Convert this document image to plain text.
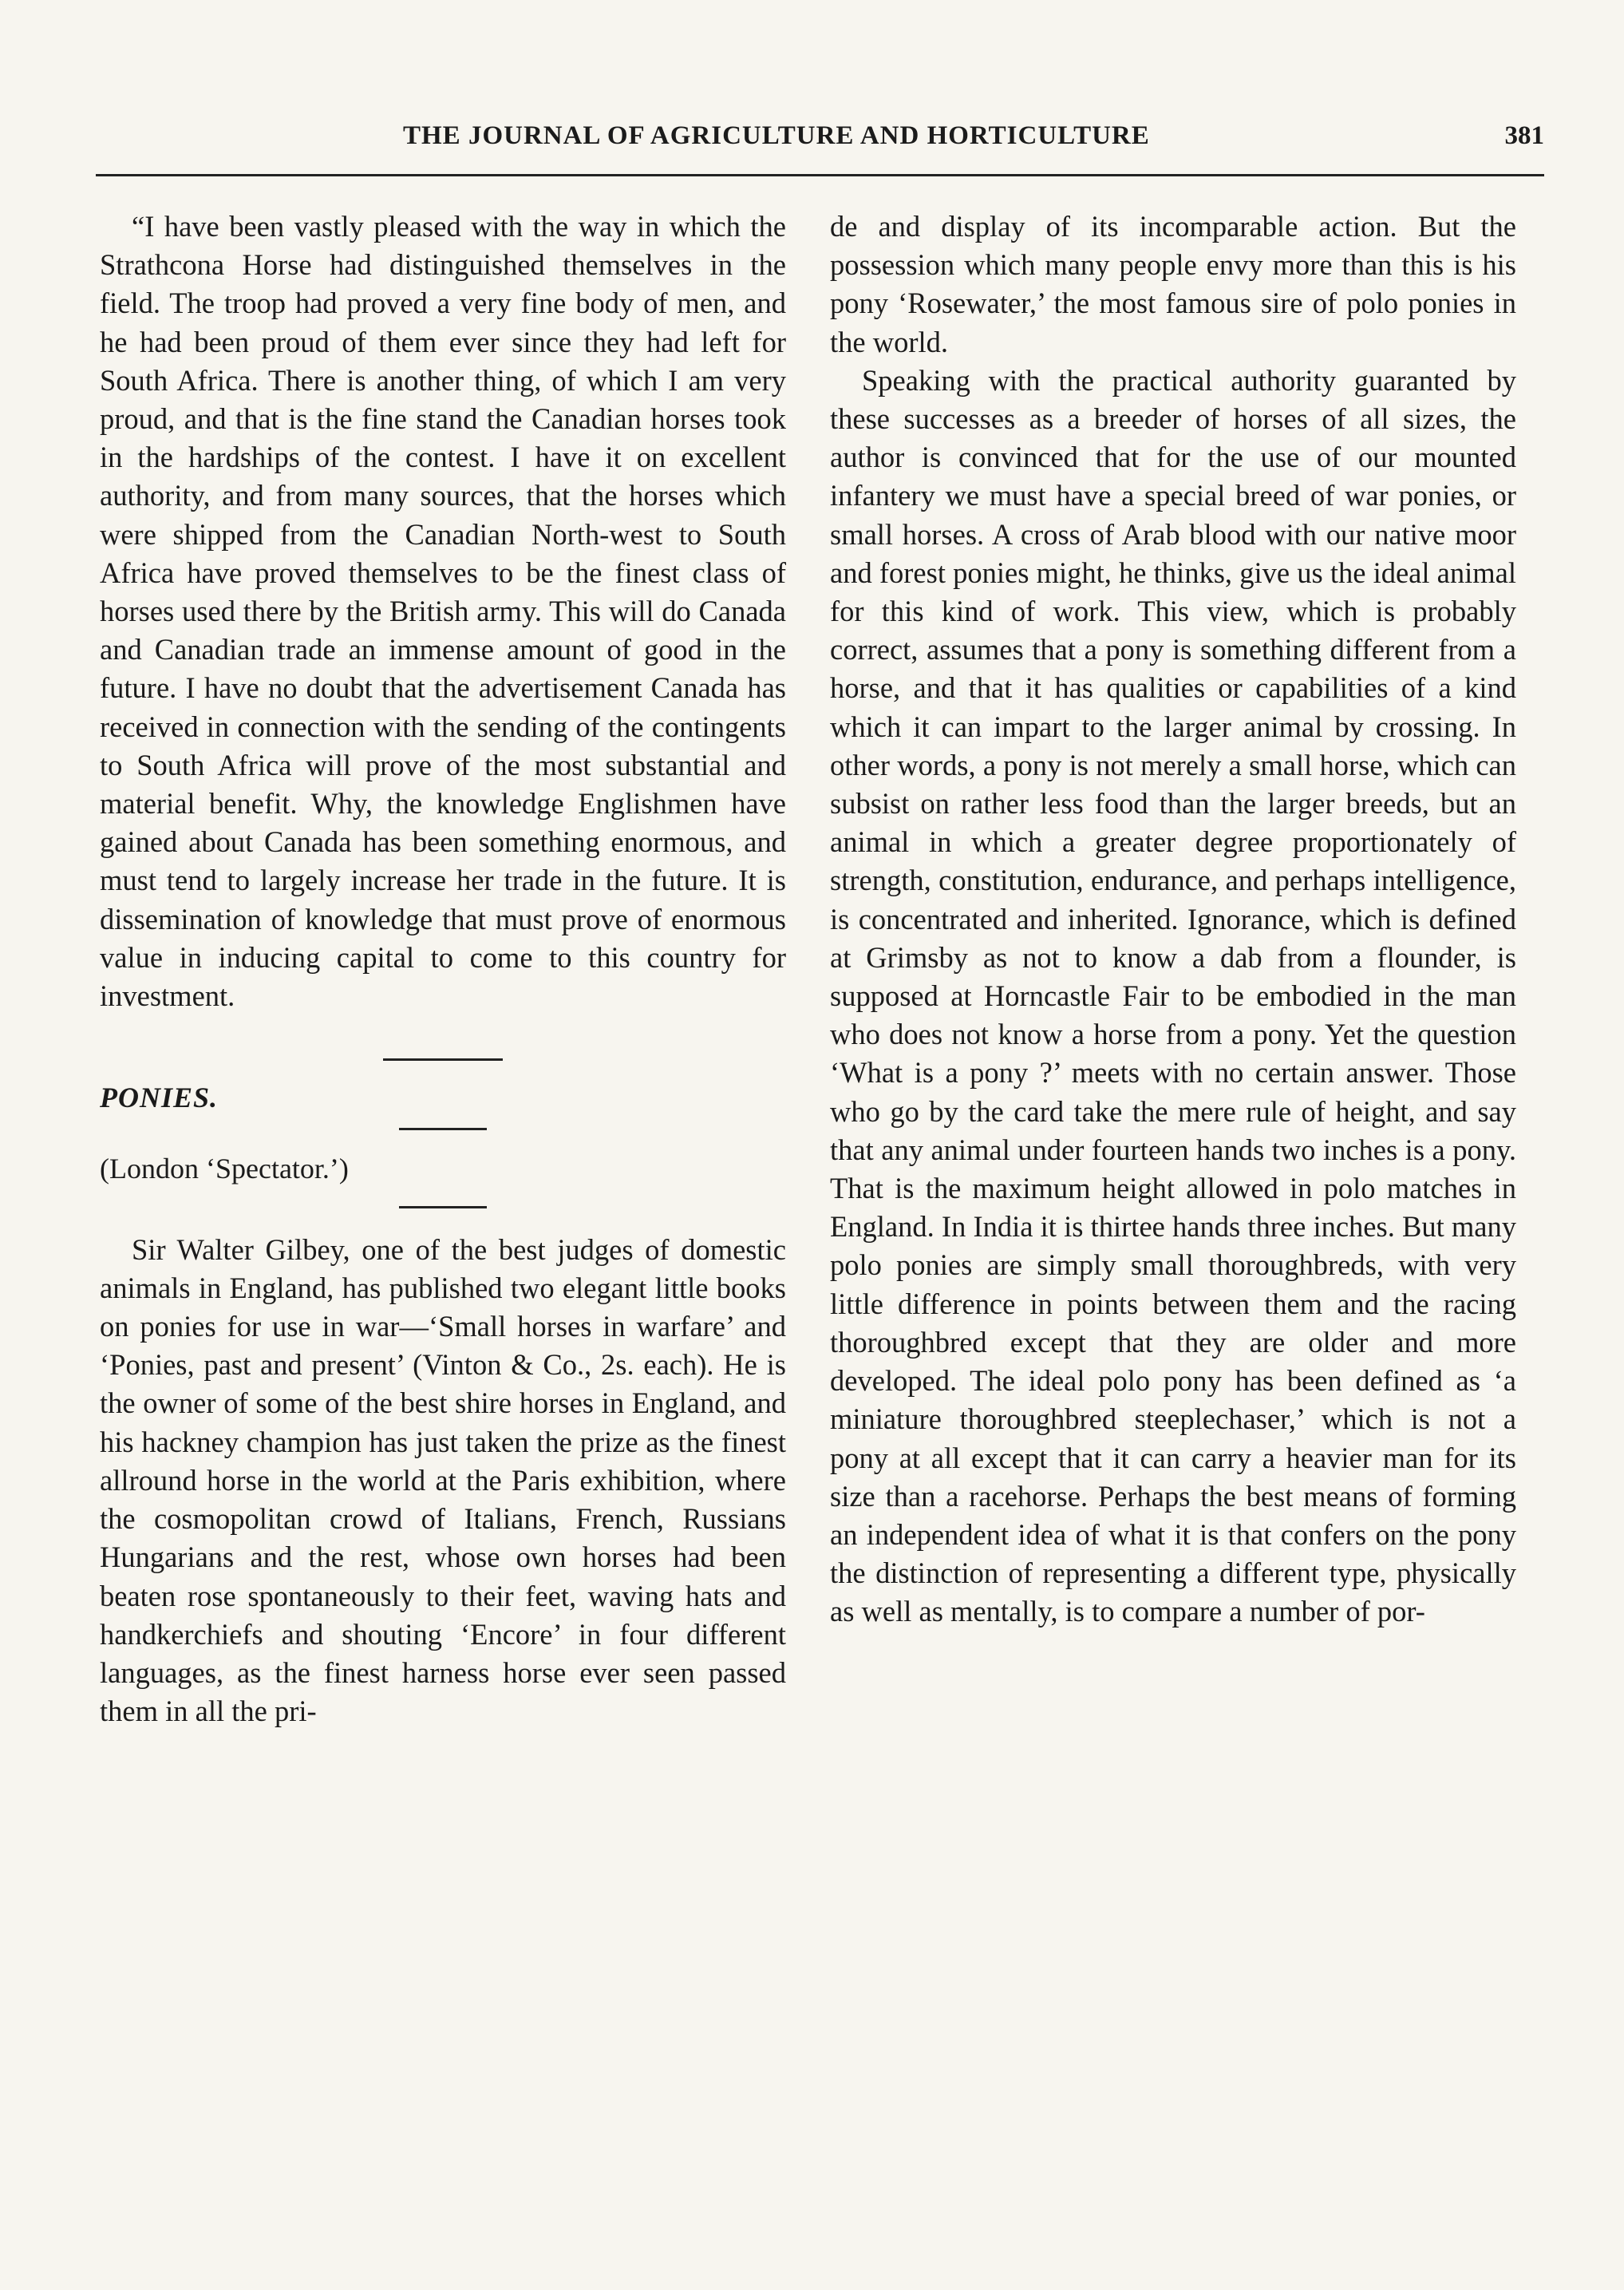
THE JOURNAL OF AGRICULTURE AND HORTICULTURE	381

“I have been vastly pleased with the way in which the Strathcona Horse had distinguished themselves in the field. The troop had proved a very fine body of men, and he had been proud of them ever since they had left for South Africa. There is another thing, of which I am very proud, and that is the fine stand the Canadian horses took in the hardships of the contest. I have it on excellent authority, and from many sources, that the horses which were shipped from the Canadian North-west to South Africa have proved themselves to be the finest class of horses used there by the British army. This will do Canada and Canadian trade an immense amount of good in the future. I have no doubt that the advertisement Canada has received in connection with the sending of the contingents to South Africa will prove of the most substantial and material benefit. Why, the knowledge Englishmen have gained about Canada has been something enormous, and must tend to largely increase her trade in the future. It is dissemination of knowledge that must prove of enormous value in inducing capital to come to this country for investment.

PONIES.

(London ‘Spectator.’)

Sir Walter Gilbey, one of the best judges of domestic animals in England, has published two elegant little books on ponies for use in war—‘Small horses in warfare’ and ‘Ponies, past and present’ (Vinton & Co., 2s. each). He is the owner of some of the best shire horses in England, and his hackney champion has just taken the prize as the finest allround horse in the world at the Paris exhibition, where the cosmopolitan crowd of Italians, French, Russians Hungarians and the rest, whose own horses had been beaten rose spontaneously to their feet, waving hats and handkerchiefs and shouting ‘Encore’ in four different languages, as the finest harness horse ever seen passed them in all the pri-

de and display of its incomparable action. But the possession which many people envy more than this is his pony ‘Rosewater,’ the most famous sire of polo ponies in the world.

Speaking with the practical authority guaranted by these successes as a breeder of horses of all sizes, the author is convinced that for the use of our mounted infantery we must have a special breed of war ponies, or small horses. A cross of Arab blood with our native moor and forest ponies might, he thinks, give us the ideal animal for this kind of work. This view, which is probably correct, assumes that a pony is something different from a horse, and that it has qualities or capabilities of a kind which it can impart to the larger animal by crossing. In other words, a pony is not merely a small horse, which can subsist on rather less food than the larger breeds, but an animal in which a greater degree proportionately of strength, constitution, endurance, and perhaps intelligence, is concentrated and inherited. Ignorance, which is defined at Grimsby as not to know a dab from a flounder, is supposed at Horncastle Fair to be embodied in the man who does not know a horse from a pony. Yet the question ‘What is a pony ?’ meets with no certain answer. Those who go by the card take the mere rule of height, and say that any animal under fourteen hands two inches is a pony. That is the maximum height allowed in polo matches in England. In India it is thirtee hands three inches. But many polo ponies are simply small thoroughbreds, with very little difference in points between them and the racing thoroughbred except that they are older and more developed. The ideal polo pony has been defined as ‘a miniature thoroughbred steeplechaser,’ which is not a pony at all except that it can carry a heavier man for its size than a racehorse. Perhaps the best means of forming an independent idea of what it is that confers on the pony the distinction of representing a different type, physically as well as mentally, is to compare a number of por-
